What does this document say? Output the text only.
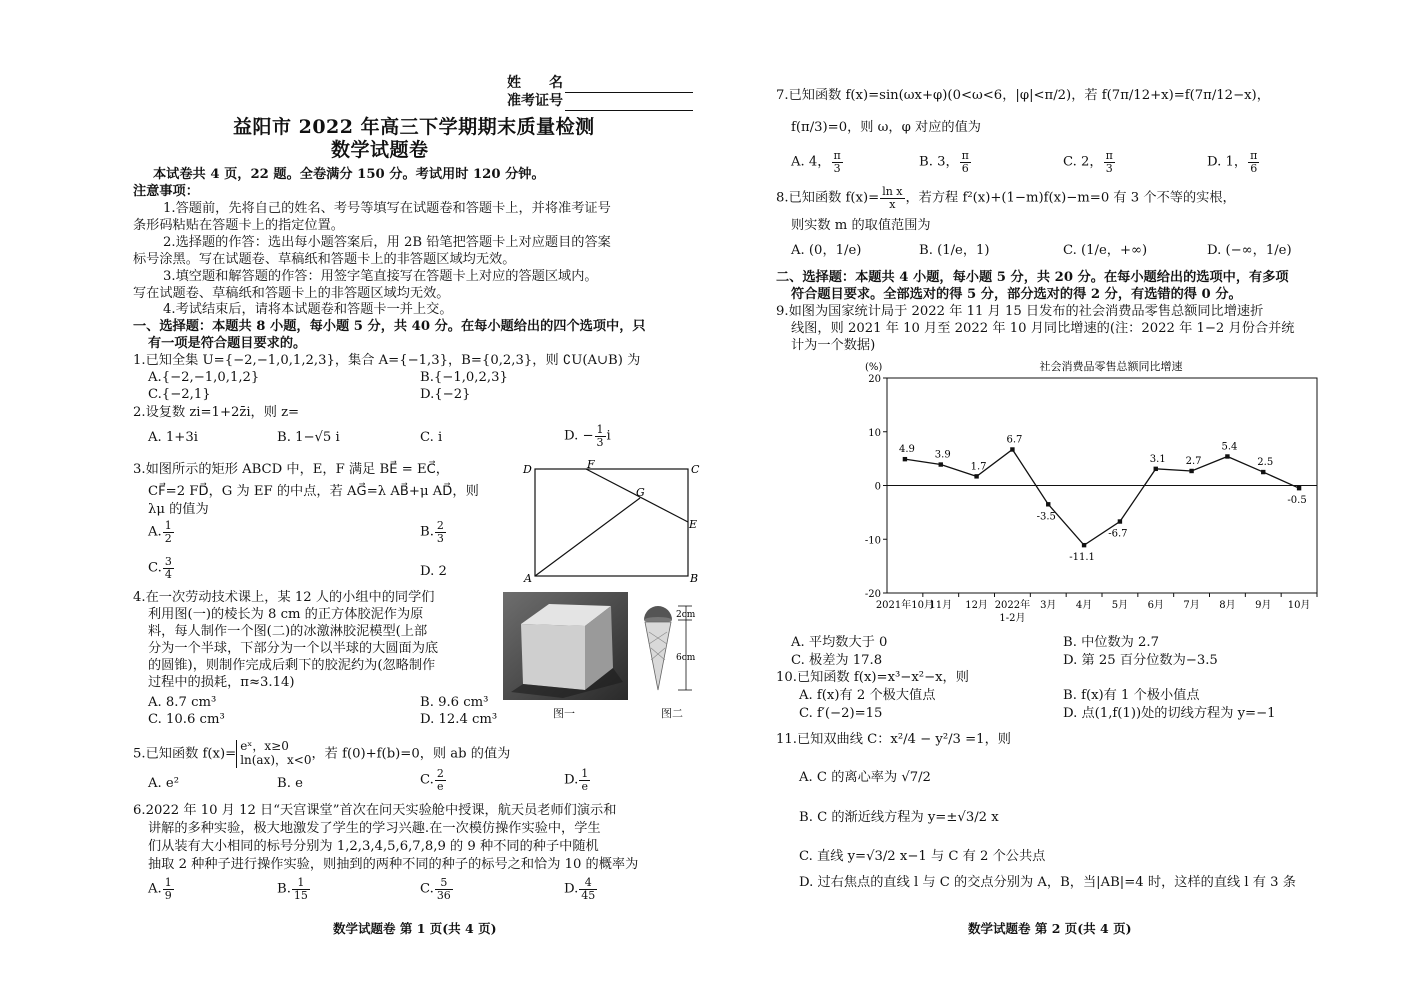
姓　　名
准考证号
益阳市 2022 年高三下学期期末质量检测
数学试题卷
本试卷共 4 页，22 题。全卷满分 150 分。考试用时 120 分钟。
注意事项：
1.答题前，先将自己的姓名、考号等填写在试题卷和答题卡上，并将准考证号
条形码粘贴在答题卡上的指定位置。
2.选择题的作答：选出每小题答案后，用 2B 铅笔把答题卡上对应题目的答案
标号涂黑。写在试题卷、草稿纸和答题卡上的非答题区域均无效。
3.填空题和解答题的作答：用签字笔直接写在答题卡上对应的答题区域内。
写在试题卷、草稿纸和答题卡上的非答题区域均无效。
4.考试结束后，请将本试题卷和答题卡一并上交。
一、选择题：本题共 8 小题，每小题 5 分，共 40 分。在每小题给出的四个选项中，只
有一项是符合题目要求的。
1.已知全集 U={−2,−1,0,1,2,3}，集合 A={−1,3}，B={0,2,3}，则 ∁U(A∪B) 为
A.{−2,−1,0,1,2}	B.{−1,0,2,3}
C.{−2,1}	D.{−2}
2.设复数 zi=1+2z̄i，则 z=
A. 1+3i	B. 1−√5 i	C. i	D. − $\frac{1}{3}$ i
3.如图所示的矩形 ABCD 中，E，F 满足 BE⃗ = EC⃗，
CF⃗=2 FD⃗，G 为 EF 的中点，若 AG⃗=λ AB⃗+μ AD⃗，则
λμ 的值为
A. $\frac{1}{2}$	B. $\frac{2}{3}$
C. $\frac{3}{4}$	D. 2
D	F	C
G
E
A	B
4.在一次劳动技术课上，某 12 人的小组中的同学们
利用图(一)的棱长为 8 cm 的正方体胶泥作为原
料，每人制作一个图(二)的冰激淋胶泥模型(上部
分为一个半球，下部分为一个以半球的大圆面为底
的圆锥)，则制作完成后剩下的胶泥约为(忽略制作
过程中的损耗，π≈3.14)
A. 8.7 cm³	B. 9.6 cm³
C. 10.6 cm³	D. 12.4 cm³	图一
2cm
6cm
图二
5.已知函数 f(x)=
eˣ，x≥0
ln(ax)，x<0 ，若 f(0)+f(b)=0，则 ab 的值为
A. e²	B. e	C. $\frac{2}{e}$	D. $\frac{1}{e}$
6.2022 年 10 月 12 日“天宫课堂”首次在问天实验舱中授课，航天员老师们演示和
讲解的多种实验，极大地激发了学生的学习兴趣.在一次模仿操作实验中，学生
们从装有大小相同的标号分别为 1,2,3,4,5,6,7,8,9 的 9 种不同的种子中随机
抽取 2 种种子进行操作实验，则抽到的两种不同的种子的标号之和恰为 10 的概率为
A. $\frac{1}{9}$	B. $\frac{1}{15}$	C. $\frac{5}{36}$	D. $\frac{4}{45}$
数学试题卷 第 1 页(共 4 页)
7.已知函数 f(x)=sin(ωx+φ)(0<ω<6，|φ|<π/2)，若 f(7π/12+x)=f(7π/12−x)，
f(π/3)=0，则 ω，φ 对应的值为
A. 4， $\frac{\pi}{3}$	B. 3， $\frac{\pi}{6}$	C. 2， $\frac{\pi}{3}$	D. 1， $\frac{\pi}{6}$
8.已知函数 $f(x)= \frac{\text{ln x}}{x}$ ，若方程 f²(x)+(1−m)f(x)−m=0 有 3 个不等的实根，
则实数 m 的取值范围为
A. (0，1/e)	B. (1/e，1)	C. (1/e，+∞)	D. (−∞，1/e)
二、选择题：本题共 4 小题，每小题 5 分，共 20 分。在每小题给出的选项中，有多项
符合题目要求。全部选对的得 5 分，部分选对的得 2 分，有选错的得 0 分。
9.如图为国家统计局于 2022 年 11 月 15 日发布的社会消费品零售总额同比增速折
线图，则 2021 年 10 月至 2022 年 10 月同比增速的(注：2022 年 1−2 月份合并统
计为一个数据)
社会消费品零售总额同比增速
(%)
20
10
0
-10
-20
2021年10月
11月 12月 2022年 1-2月
3月 4月 5月 6月 7月 8月 9月 10月
4.9 3.9
1.7
6.7
-3.5
-11.1
-6.7
3.1 2.7
5.4
2.5
-0.5
A. 平均数大于 0	B. 中位数为 2.7
C. 极差为 17.8	D. 第 25 百分位数为−3.5
10.已知函数 f(x)=x³−x²−x，则
A. f(x)有 2 个极大值点	B. f(x)有 1 个极小值点
C. f′(−2)=15	D. 点(1,f(1))处的切线方程为 y=−1
11.已知双曲线 C：x²/4 − y²/3 =1，则
A. C 的离心率为 √7/2
B. C 的渐近线方程为 y=±√3/2 x
C. 直线 y=√3/2 x−1 与 C 有 2 个公共点
D. 过右焦点的直线 l 与 C 的交点分别为 A，B，当|AB|=4 时，这样的直线 l 有 3 条
数学试题卷 第 2 页(共 4 页)
